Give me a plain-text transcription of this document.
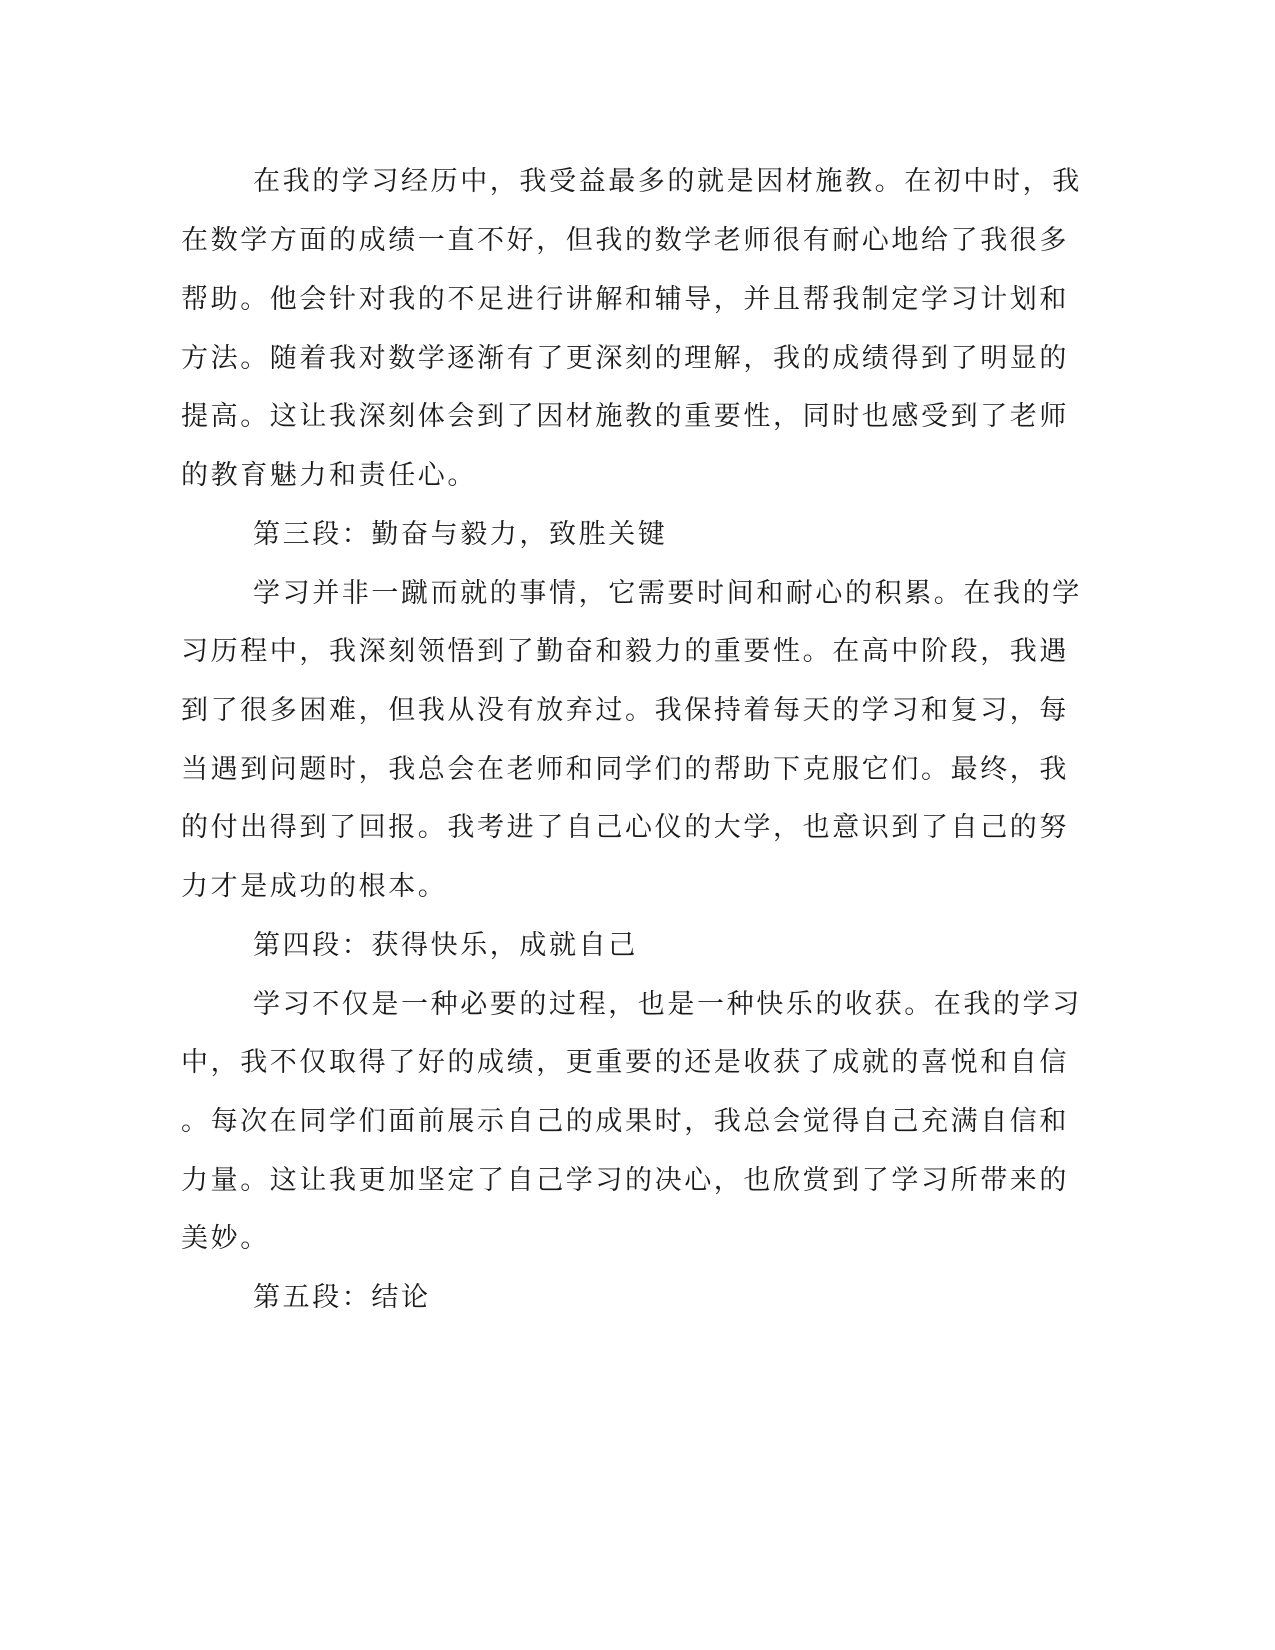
在我的学习经历中，我受益最多的就是因材施教。在初中时，我
在数学方面的成绩一直不好，但我的数学老师很有耐心地给了我很多
帮助。他会针对我的不足进行讲解和辅导，并且帮我制定学习计划和
方法。随着我对数学逐渐有了更深刻的理解，我的成绩得到了明显的
提高。这让我深刻体会到了因材施教的重要性，同时也感受到了老师
的教育魅力和责任心。
第三段：勤奋与毅力，致胜关键
学习并非一蹴而就的事情，它需要时间和耐心的积累。在我的学
习历程中，我深刻领悟到了勤奋和毅力的重要性。在高中阶段，我遇
到了很多困难，但我从没有放弃过。我保持着每天的学习和复习，每
当遇到问题时，我总会在老师和同学们的帮助下克服它们。最终，我
的付出得到了回报。我考进了自己心仪的大学，也意识到了自己的努
力才是成功的根本。
第四段：获得快乐，成就自己
学习不仅是一种必要的过程，也是一种快乐的收获。在我的学习
中，我不仅取得了好的成绩，更重要的还是收获了成就的喜悦和自信
。每次在同学们面前展示自己的成果时，我总会觉得自己充满自信和
力量。这让我更加坚定了自己学习的决心，也欣赏到了学习所带来的
美妙。
第五段：结论
